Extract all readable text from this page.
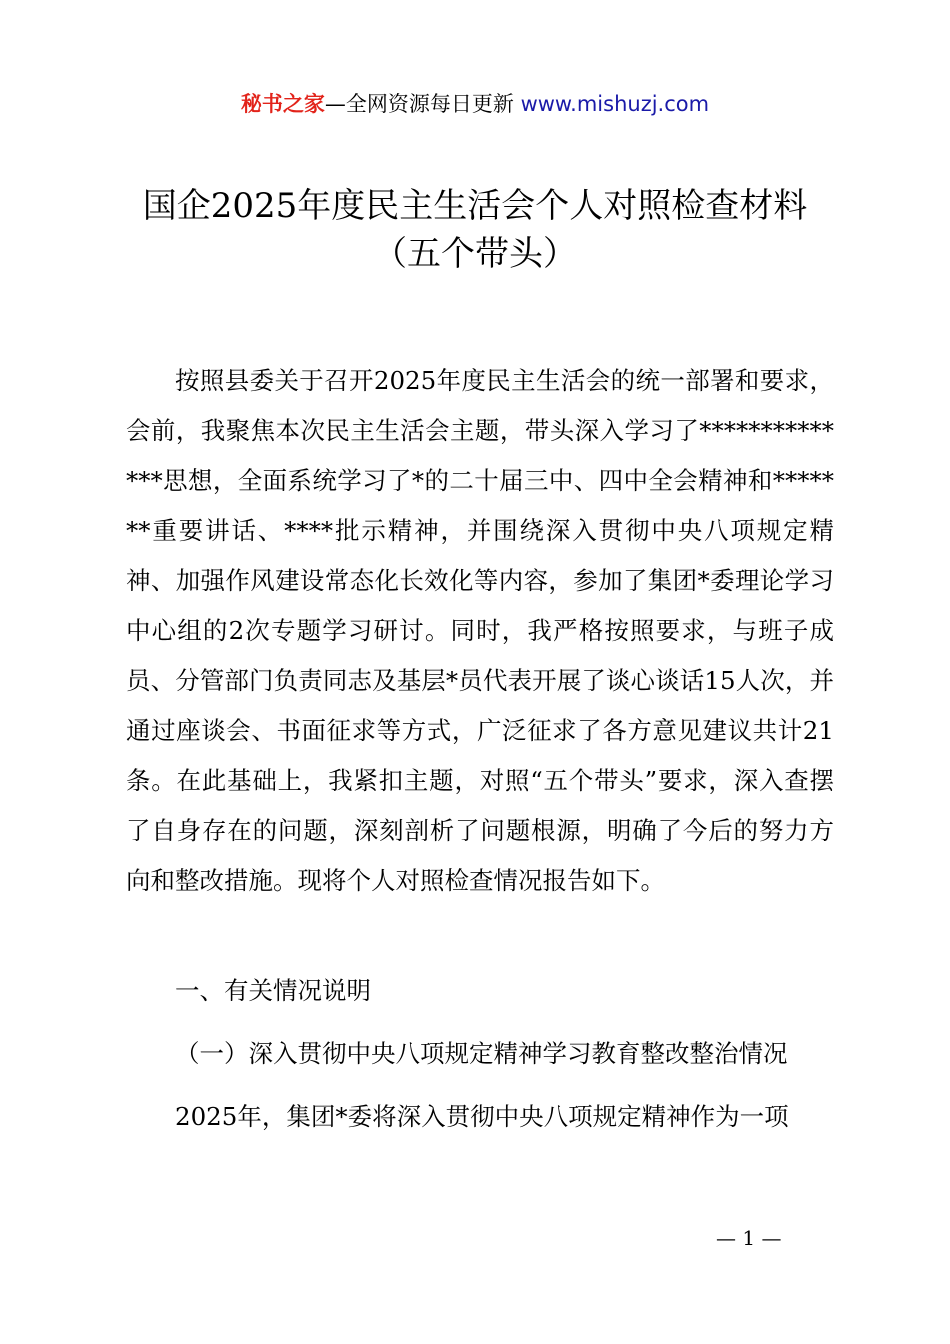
秘书之家—全网资源每日更新 www.mishuzj.com
国企2025年度民主生活会个人对照检查材料
（五个带头）

按照县委关于召开2025年度民主生活会的统一部署和要求，会前，我聚焦本次民主生活会主题，带头深入学习了**************思想，全面系统学习了*的二十届三中、四中全会精神和*******重要讲话、****批示精神，并围绕深入贯彻中央八项规定精神、加强作风建设常态化长效化等内容，参加了集团*委理论学习中心组的2次专题学习研讨。同时，我严格按照要求，与班子成员、分管部门负责同志及基层*员代表开展了谈心谈话15人次，并通过座谈会、书面征求等方式，广泛征求了各方意见建议共计21条。在此基础上，我紧扣主题，对照“五个带头”要求，深入查摆了自身存在的问题，深刻剖析了问题根源，明确了今后的努力方向和整改措施。现将个人对照检查情况报告如下。

一、有关情况说明
（一）深入贯彻中央八项规定精神学习教育整改整治情况
2025年，集团*委将深入贯彻中央八项规定精神作为一项
— 1 —
